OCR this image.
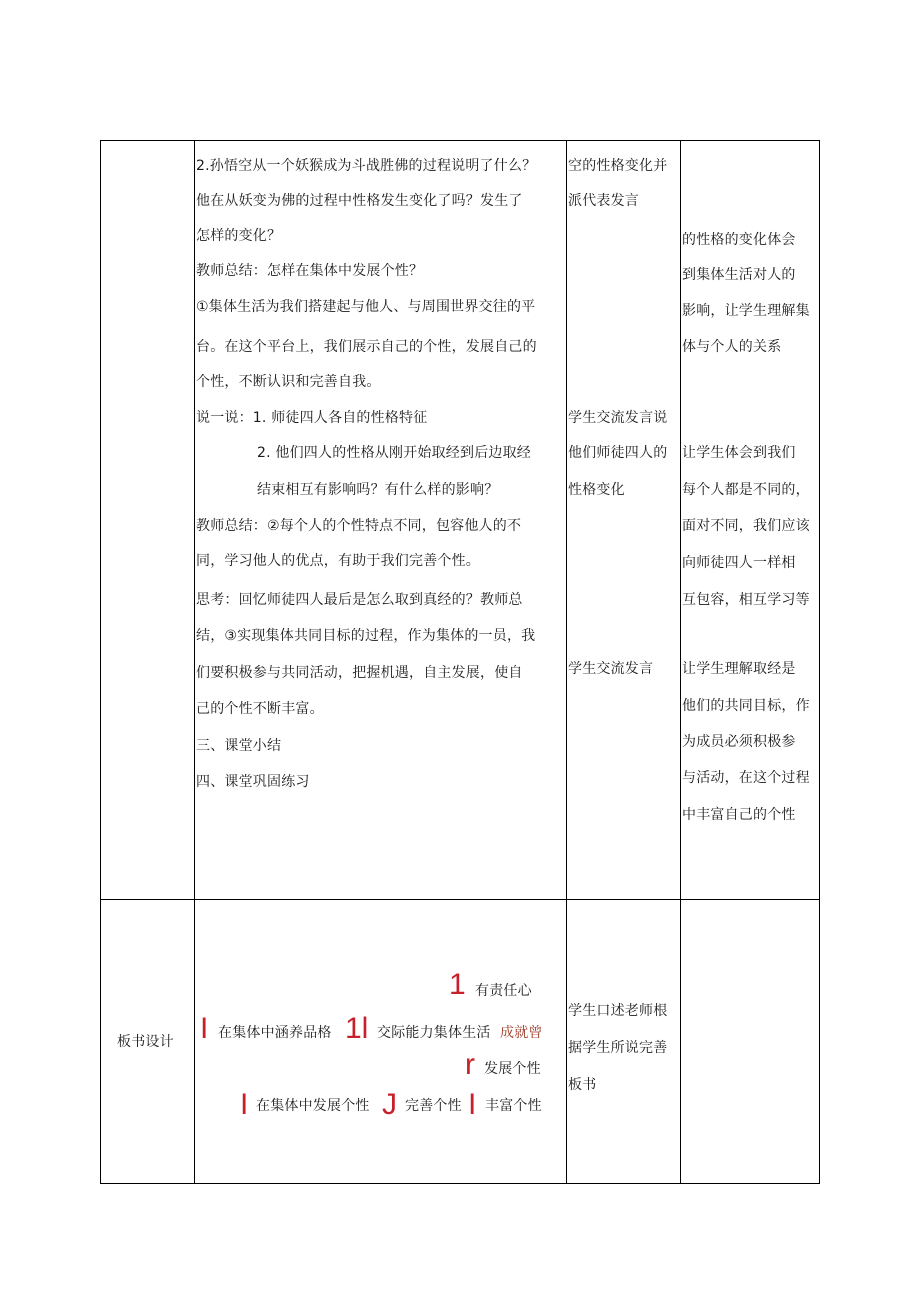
2.孙悟空从一个妖猴成为斗战胜佛的过程说明了什么？
他在从妖变为佛的过程中性格发生变化了吗？发生了
怎样的变化？
教师总结：怎样在集体中发展个性？
①集体生活为我们搭建起与他人、与周围世界交往的平
台。在这个平台上，我们展示自己的个性，发展自己的
个性，不断认识和完善自我。
说一说：1. 师徒四人各自的性格特征
2. 他们四人的性格从刚开始取经到后边取经
结束相互有影响吗？有什么样的影响？
教师总结：②每个人的个性特点不同，包容他人的不
同，学习他人的优点，有助于我们完善个性。
思考：回忆师徒四人最后是怎么取到真经的？教师总
结，③实现集体共同目标的过程，作为集体的一员，我
们要积极参与共同活动，把握机遇，自主发展，使自
己的个性不断丰富。
三、课堂小结
四、课堂巩固练习
空的性格变化并
派代表发言
学生交流发言说
他们师徒四人的
性格变化
学生交流发言
的性格的变化体会
到集体生活对人的
影响，让学生理解集
体与个人的关系
让学生体会到我们
每个人都是不同的，
面对不同，我们应该
向师徒四人一样相
互包容，相互学习等
让学生理解取经是
他们的共同目标，作
为成员必须积极参
与活动，在这个过程
中丰富自己的个性
板书设计
1 有责任心
I 在集体中涵养品格 1l 交际能力集体生活 成就曾
r 发展个性
I 在集体中发展个性 J 完善个性 I 丰富个性
学生口述老师根
据学生所说完善
板书
